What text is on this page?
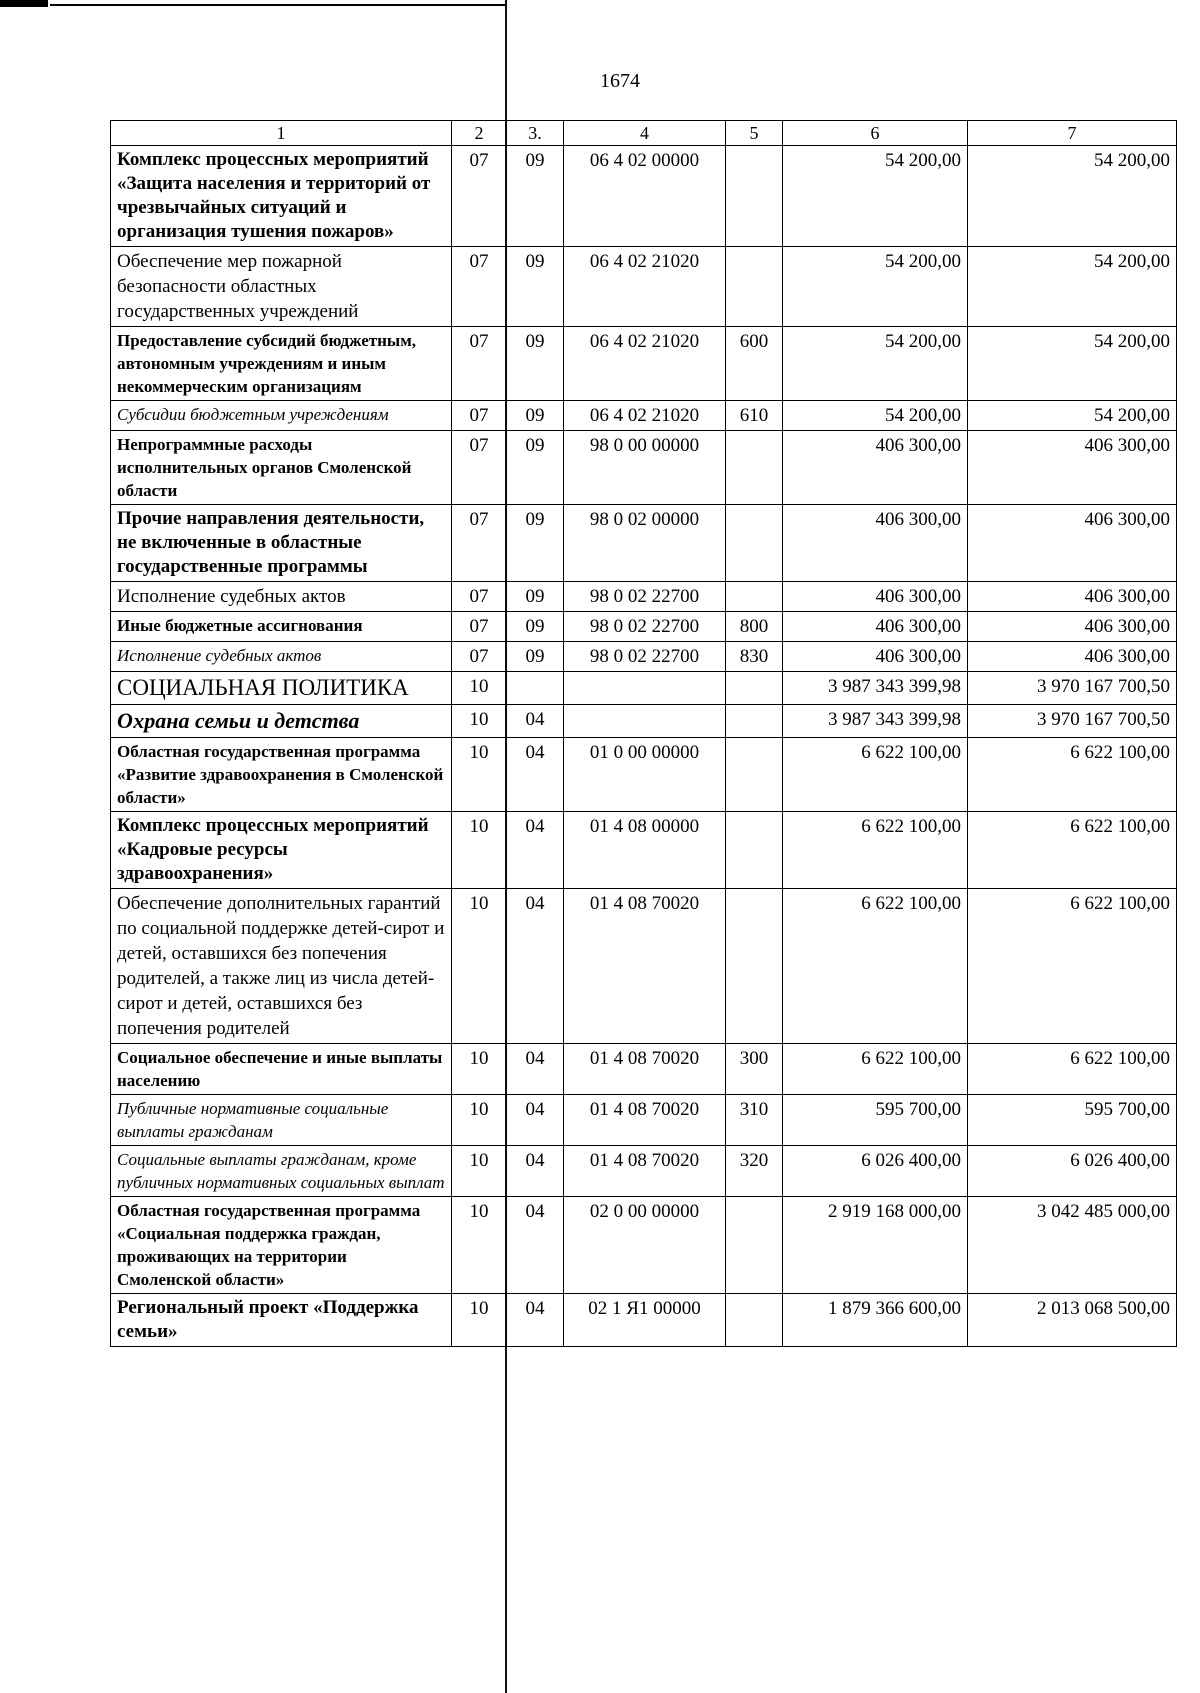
1674
1	2	3.	4	5	6	7
Комплекс процессных мероприятий «Защита населения и территорий от чрезвычайных ситуаций и организация тушения пожаров»	07	09	06 4 02 00000		54 200,00	54 200,00
Обеспечение мер пожарной безопасности областных государственных учреждений	07	09	06 4 02 21020		54 200,00	54 200,00
Предоставление субсидий бюджетным, автономным учреждениям и иным некоммерческим организациям	07	09	06 4 02 21020	600	54 200,00	54 200,00
Субсидии бюджетным учреждениям	07	09	06 4 02 21020	610	54 200,00	54 200,00
Непрограммные расходы исполнительных органов Смоленской области	07	09	98 0 00 00000		406 300,00	406 300,00
Прочие направления деятельности, не включенные в областные государственные программы	07	09	98 0 02 00000		406 300,00	406 300,00
Исполнение судебных актов	07	09	98 0 02 22700		406 300,00	406 300,00
Иные бюджетные ассигнования	07	09	98 0 02 22700	800	406 300,00	406 300,00
Исполнение судебных актов	07	09	98 0 02 22700	830	406 300,00	406 300,00
СОЦИАЛЬНАЯ ПОЛИТИКА	10				3 987 343 399,98	3 970 167 700,50
Охрана семьи и детства	10	04			3 987 343 399,98	3 970 167 700,50
Областная государственная программа «Развитие здравоохранения в Смоленской области»	10	04	01 0 00 00000		6 622 100,00	6 622 100,00
Комплекс процессных мероприятий «Кадровые ресурсы здравоохранения»	10	04	01 4 08 00000		6 622 100,00	6 622 100,00
Обеспечение дополнительных гарантий по социальной поддержке детей-сирот и детей, оставшихся без попечения родителей, а также лиц из числа детей-сирот и детей, оставшихся без попечения родителей	10	04	01 4 08 70020		6 622 100,00	6 622 100,00
Социальное обеспечение и иные выплаты населению	10	04	01 4 08 70020	300	6 622 100,00	6 622 100,00
Публичные нормативные социальные выплаты гражданам	10	04	01 4 08 70020	310	595 700,00	595 700,00
Социальные выплаты гражданам, кроме публичных нормативных социальных выплат	10	04	01 4 08 70020	320	6 026 400,00	6 026 400,00
Областная государственная программа «Социальная поддержка граждан, проживающих на территории Смоленской области»	10	04	02 0 00 00000		2 919 168 000,00	3 042 485 000,00
Региональный проект «Поддержка семьи»	10	04	02 1 Я1 00000		1 879 366 600,00	2 013 068 500,00
